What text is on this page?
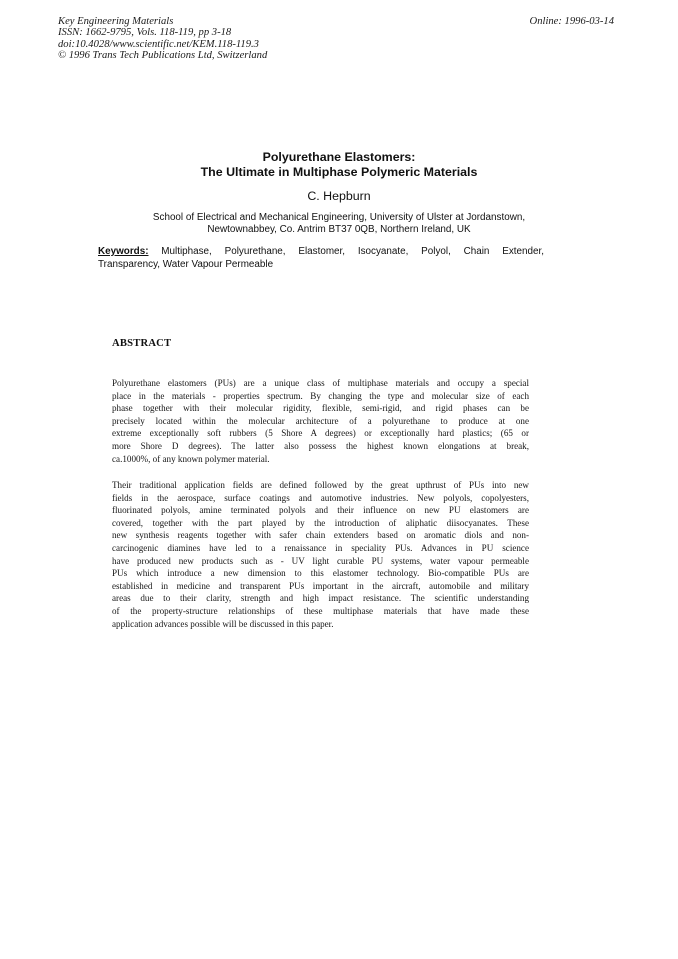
Key Engineering Materials
ISSN: 1662-9795, Vols. 118-119, pp 3-18
doi:10.4028/www.scientific.net/KEM.118-119.3
© 1996 Trans Tech Publications Ltd, Switzerland
Online: 1996-03-14
Polyurethane Elastomers:
The Ultimate in Multiphase Polymeric Materials
C. Hepburn
School of Electrical and Mechanical Engineering, University of Ulster at Jordanstown,
Newtownabbey, Co. Antrim BT37 0QB, Northern Ireland, UK
Keywords: Multiphase, Polyurethane, Elastomer, Isocyanate, Polyol, Chain Extender,
Transparency, Water Vapour Permeable
ABSTRACT
Polyurethane elastomers (PUs) are a unique class of multiphase materials and occupy a special
place in the materials - properties spectrum. By changing the type and molecular size of each
phase together with their molecular rigidity, flexible, semi-rigid, and rigid phases can be
precisely located within the molecular architecture of a polyurethane to produce at one
extreme exceptionally soft rubbers (5 Shore A degrees) or exceptionally hard plastics; (65 or
more Shore D degrees). The latter also possess the highest known elongations at break,
ca.1000%, of any known polymer material.
Their traditional application fields are defined followed by the great upthrust of PUs into new
fields in the aerospace, surface coatings and automotive industries. New polyols, copolyesters,
fluorinated polyols, amine terminated polyols and their influence on new PU elastomers are
covered, together with the part played by the introduction of aliphatic diisocyanates. These
new synthesis reagents together with safer chain extenders based on aromatic diols and non-
carcinogenic diamines have led to a renaissance in speciality PUs. Advances in PU science
have produced new products such as - UV light curable PU systems, water vapour permeable
PUs which introduce a new dimension to this elastomer technology. Bio-compatible PUs are
established in medicine and transparent PUs important in the aircraft, automobile and military
areas due to their clarity, strength and high impact resistance. The scientific understanding
of the property-structure relationships of these multiphase materials that have made these
application advances possible will be discussed in this paper.
